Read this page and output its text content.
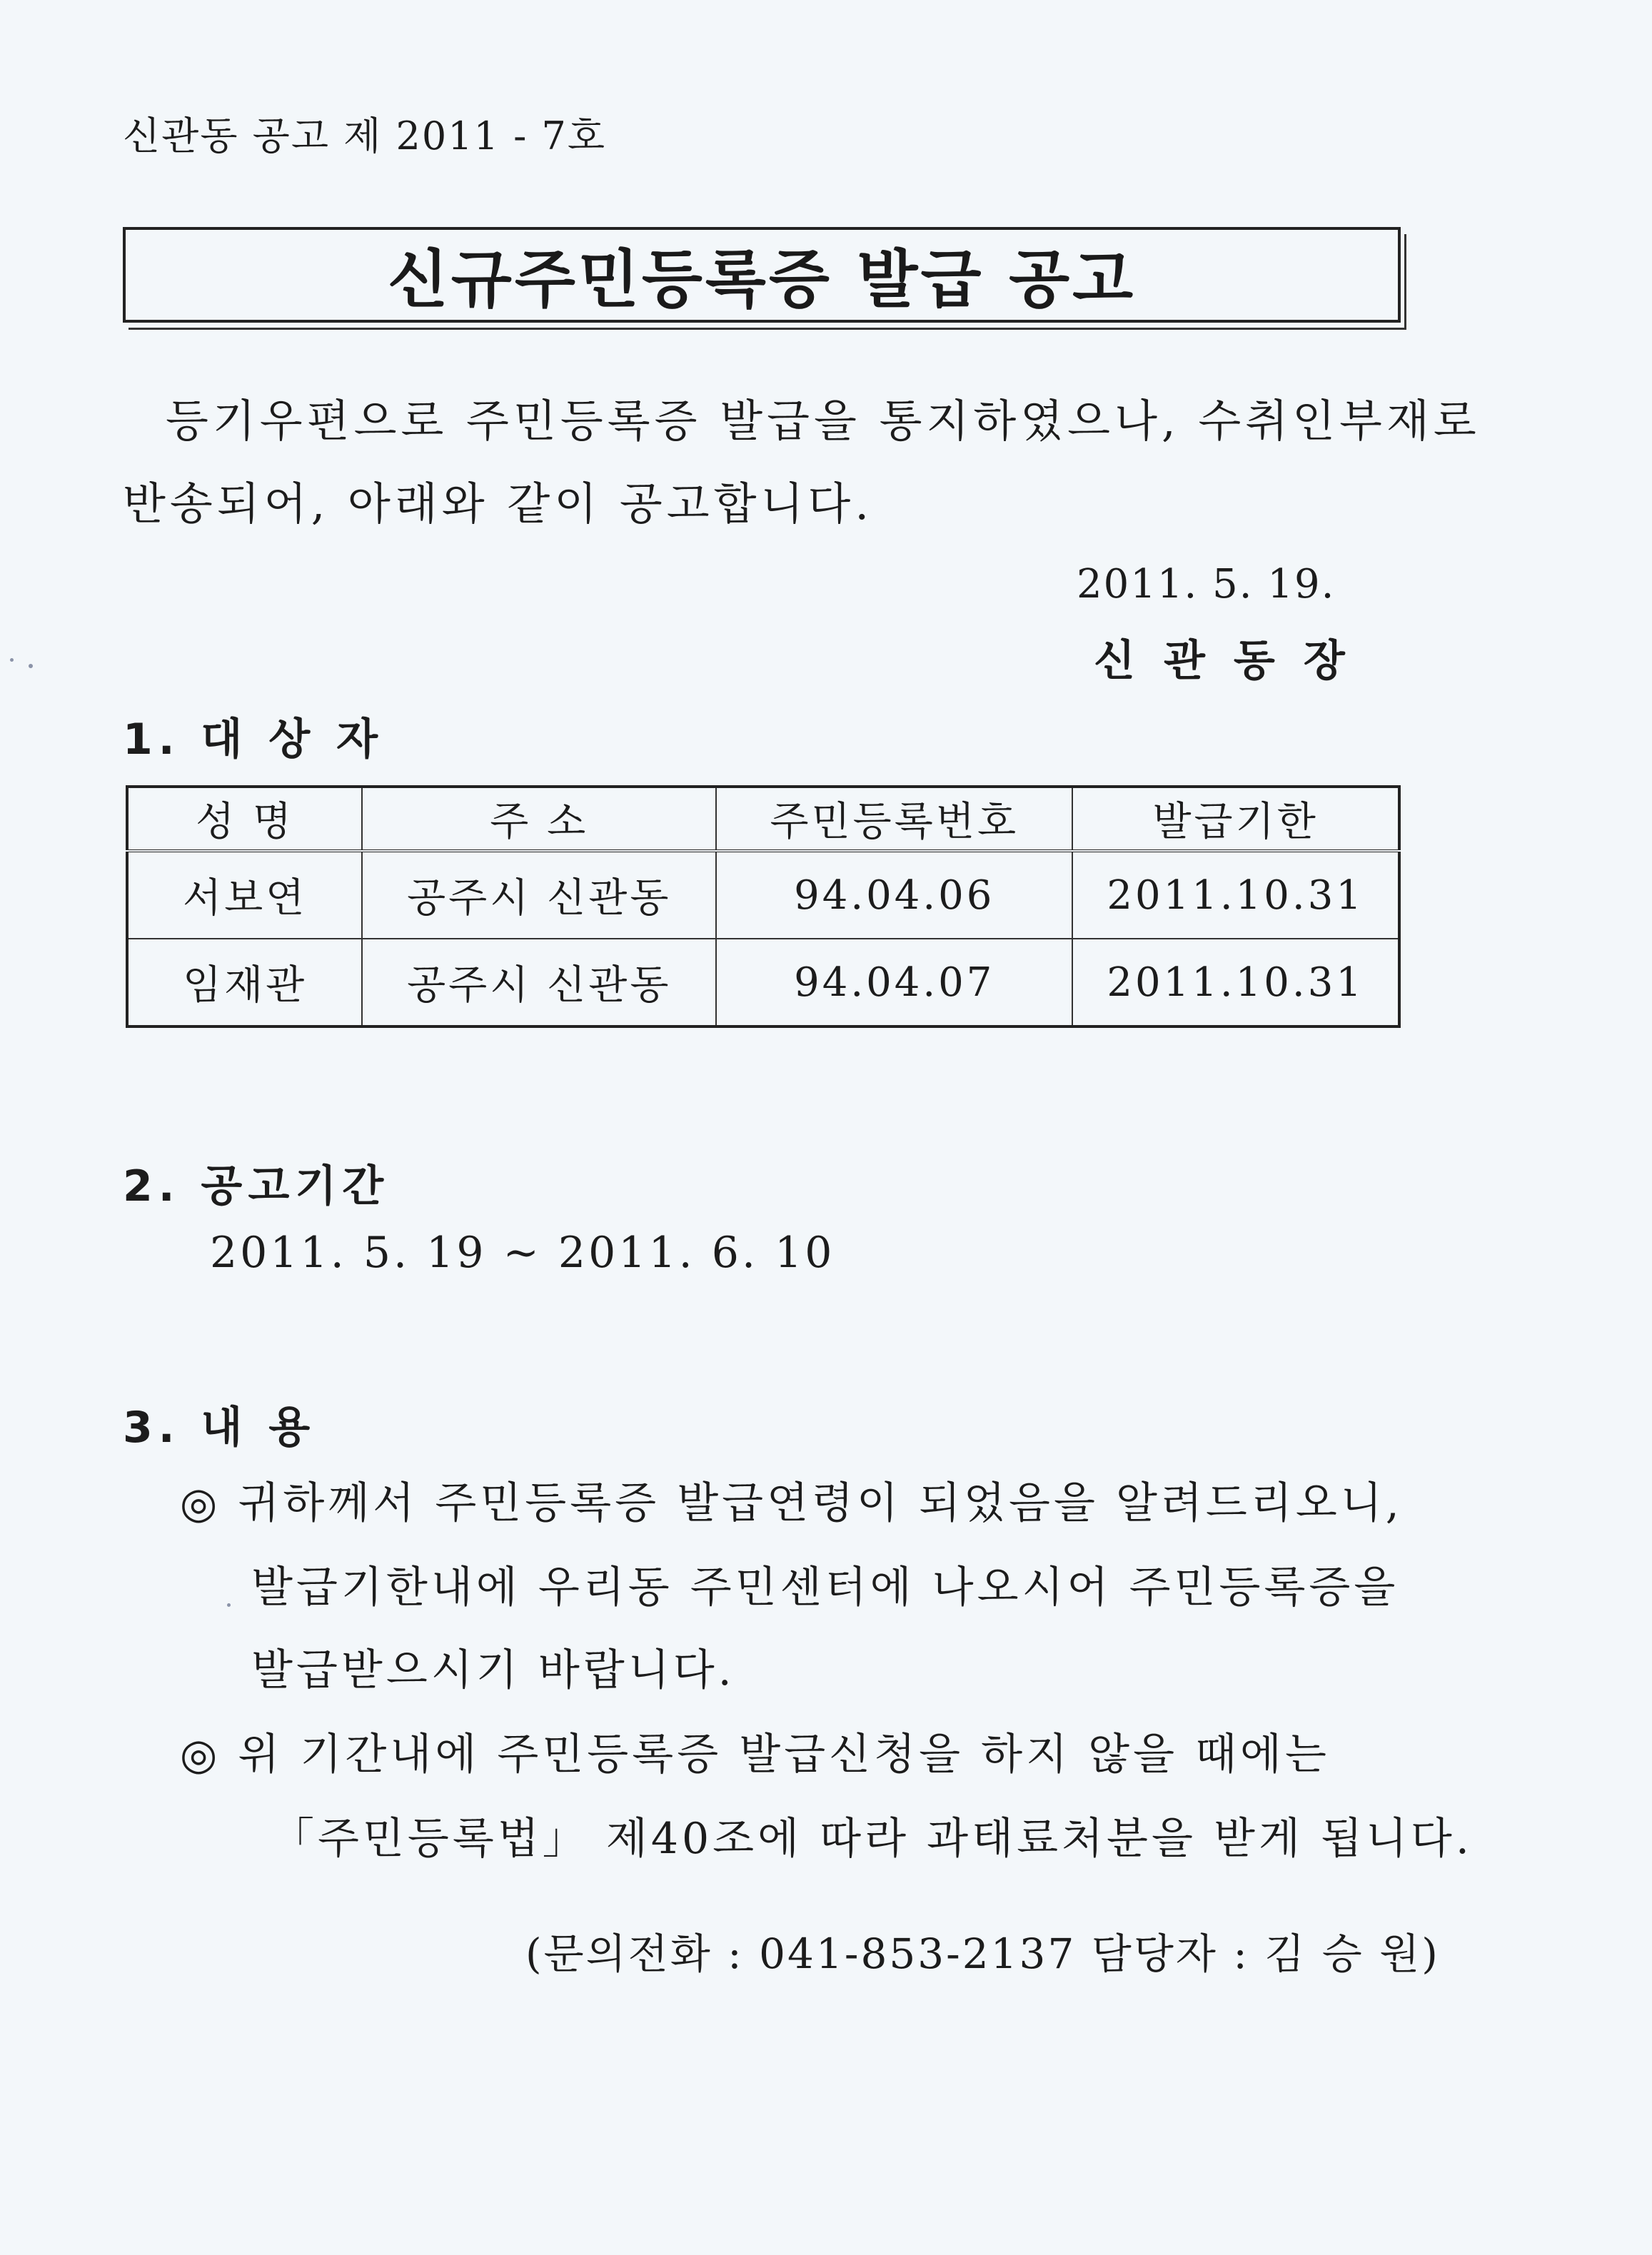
신관동 공고 제 2011 - 7호
신규주민등록증 발급 공고
등기우편으로 주민등록증 발급을 통지하였으나, 수취인부재로
반송되어, 아래와 같이 공고합니다.
2011. 5. 19.
신관동장
1. 대 상 자
성 명	주 소	주민등록번호	발급기한
서보연	공주시 신관동	94.04.06	2011.10.31
임재관	공주시 신관동	94.04.07	2011.10.31
2. 공고기간
2011. 5. 19 ~ 2011. 6. 10
3. 내 용
◎ 귀하께서 주민등록증 발급연령이 되었음을 알려드리오니,
발급기한내에 우리동 주민센터에 나오시어 주민등록증을
발급받으시기 바랍니다.
◎ 위 기간내에 주민등록증 발급신청을 하지 않을 때에는
「주민등록법」 제40조에 따라 과태료처분을 받게 됩니다.
(문의전화 : 041-853-2137 담당자 : 김 승 원)
